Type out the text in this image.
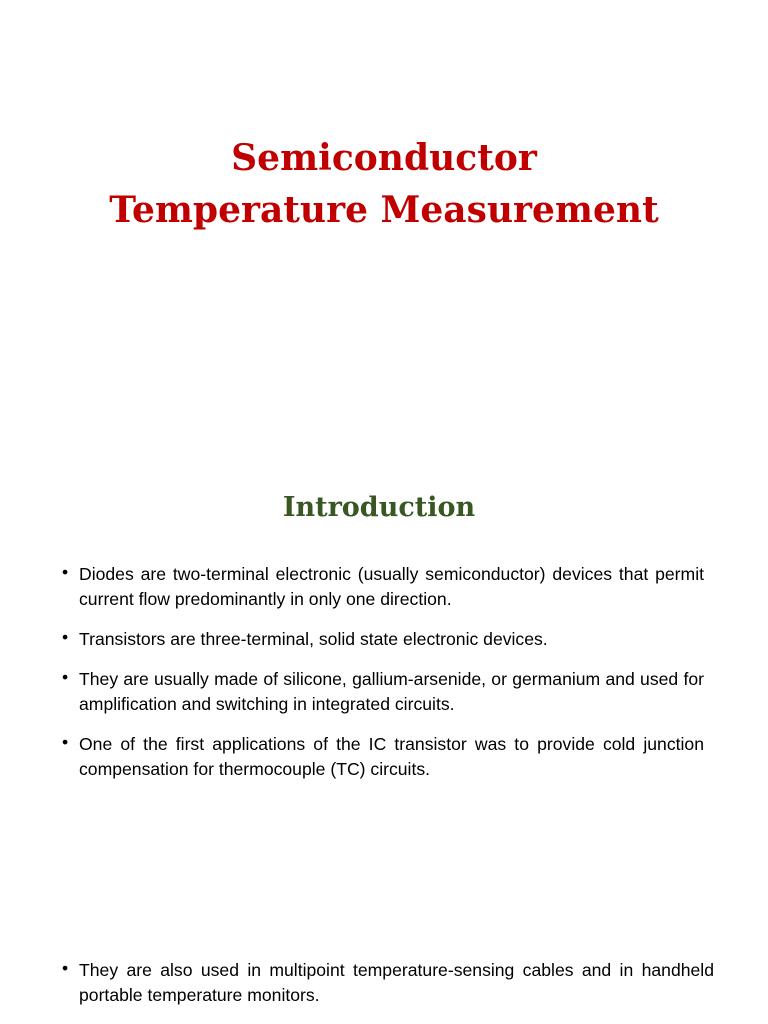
Semiconductor
Temperature Measurement
Introduction
• Diodes are two-terminal electronic (usually semiconductor) devices that permit current flow predominantly in only one direction.
• Transistors are three-terminal, solid state electronic devices.
• They are usually made of silicone, gallium-arsenide, or germanium and used for amplification and switching in integrated circuits.
• One of the first applications of the IC transistor was to provide cold junction compensation for thermocouple (TC) circuits.
• They are also used in multipoint temperature-sensing cables and in handheld portable temperature monitors.
